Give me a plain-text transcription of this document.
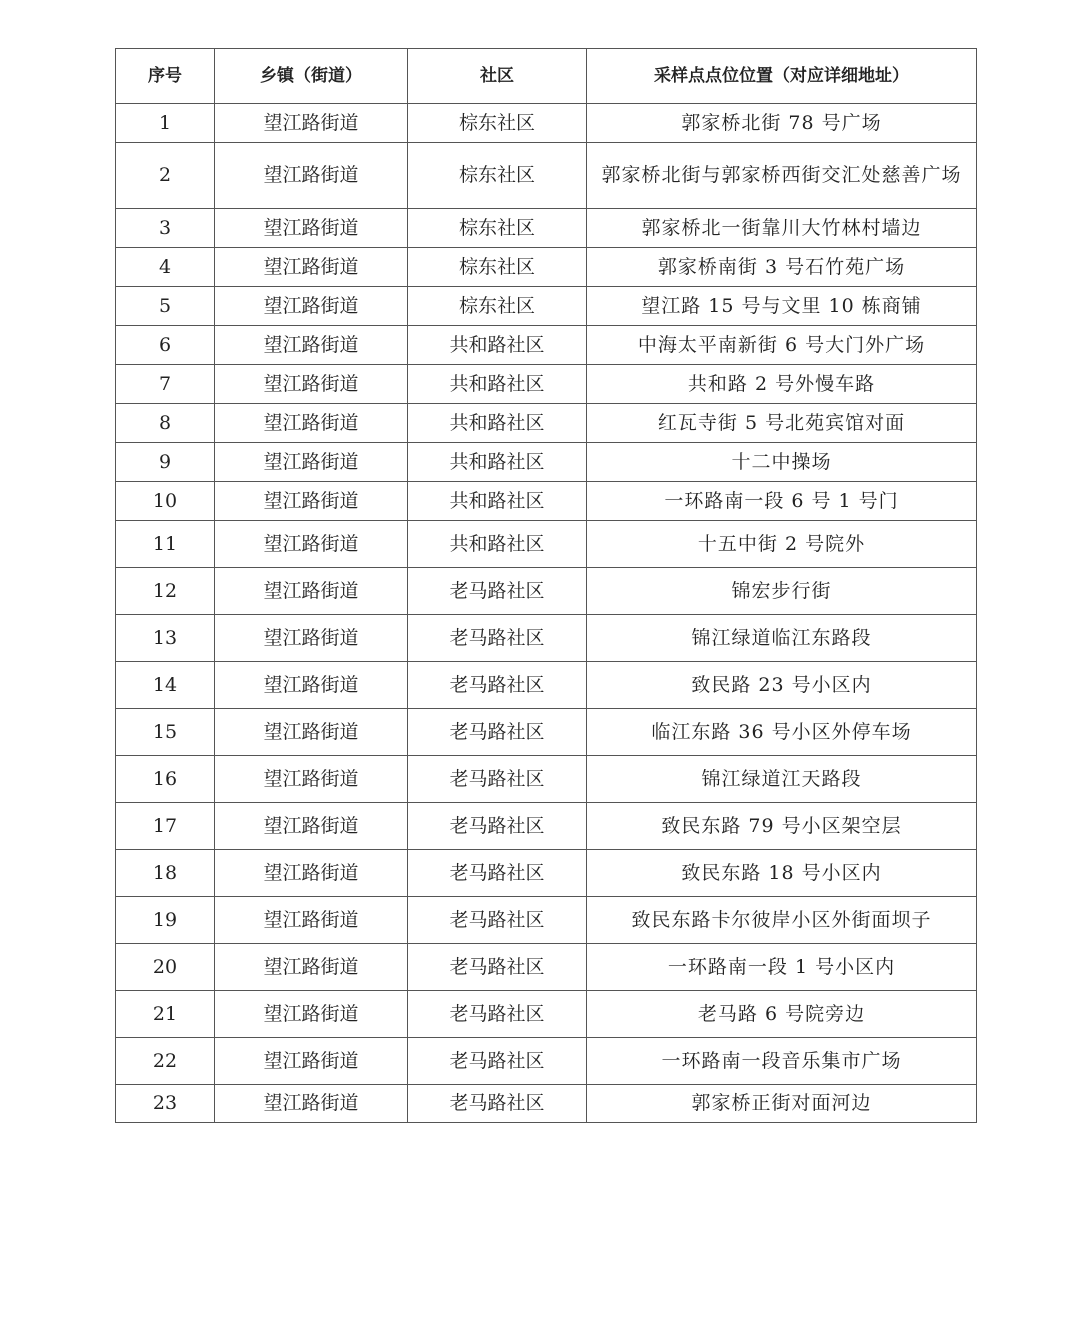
序号	乡镇（街道）	社区	采样点点位位置（对应详细地址）
1	望江路街道	棕东社区	郭家桥北街 78 号广场
2	望江路街道	棕东社区	郭家桥北街与郭家桥西街交汇处慈善广场
3	望江路街道	棕东社区	郭家桥北一街靠川大竹林村墙边
4	望江路街道	棕东社区	郭家桥南街 3 号石竹苑广场
5	望江路街道	棕东社区	望江路 15 号与文里 10 栋商铺
6	望江路街道	共和路社区	中海太平南新街 6 号大门外广场
7	望江路街道	共和路社区	共和路 2 号外慢车路
8	望江路街道	共和路社区	红瓦寺街 5 号北苑宾馆对面
9	望江路街道	共和路社区	十二中操场
10	望江路街道	共和路社区	一环路南一段 6 号 1 号门
11	望江路街道	共和路社区	十五中街 2 号院外
12	望江路街道	老马路社区	锦宏步行街
13	望江路街道	老马路社区	锦江绿道临江东路段
14	望江路街道	老马路社区	致民路 23 号小区内
15	望江路街道	老马路社区	临江东路 36 号小区外停车场
16	望江路街道	老马路社区	锦江绿道江天路段
17	望江路街道	老马路社区	致民东路 79 号小区架空层
18	望江路街道	老马路社区	致民东路 18 号小区内
19	望江路街道	老马路社区	致民东路卡尔彼岸小区外街面坝子
20	望江路街道	老马路社区	一环路南一段 1 号小区内
21	望江路街道	老马路社区	老马路 6 号院旁边
22	望江路街道	老马路社区	一环路南一段音乐集市广场
23	望江路街道	老马路社区	郭家桥正街对面河边
